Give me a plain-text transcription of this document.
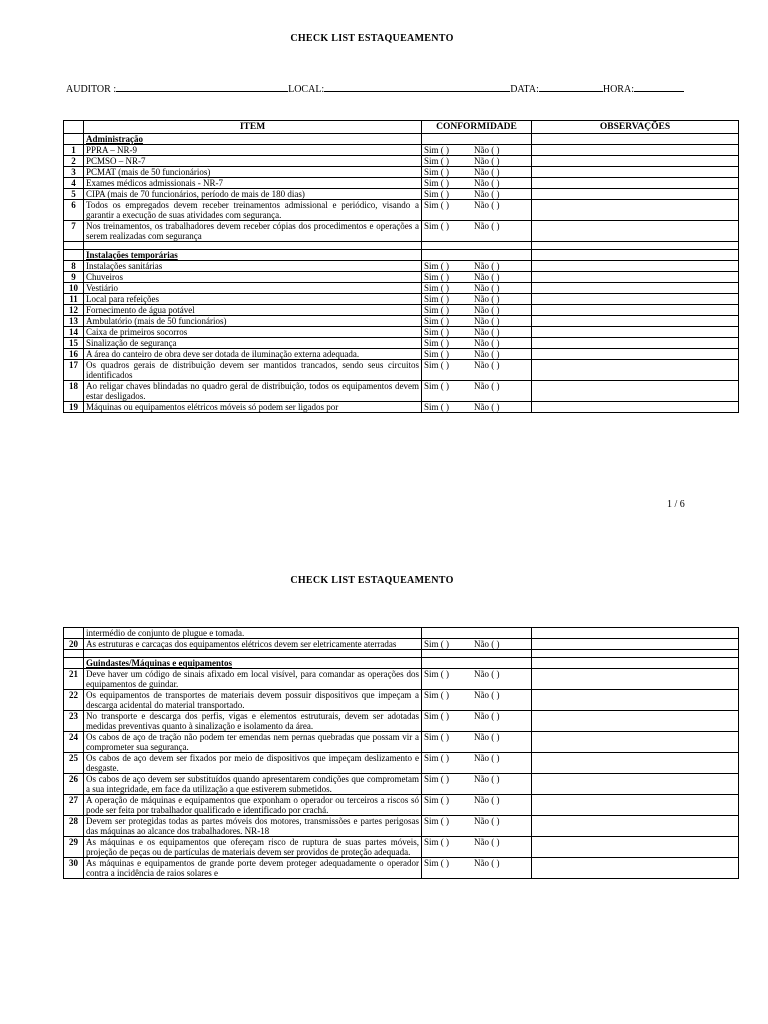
CHECK LIST ESTAQUEAMENTO
AUDITOR :	LOCAL:	DATA:	HORA:
	ITEM	CONFORMIDADE	OBSERVAÇÕES
	Administração		
1	PPRA – NR-9	Sim ( ) Não ( )	
2	PCMSO – NR-7	Sim ( ) Não ( )	
3	PCMAT (mais de 50 funcionários)	Sim ( ) Não ( )	
4	Exames médicos admissionais - NR-7	Sim ( ) Não ( )	
5	CIPA (mais de 70 funcionários, período de mais de 180 dias)	Sim ( ) Não ( )	
6	Todos os empregados devem receber treinamentos admissional e periódico, visando a garantir a execução de suas atividades com segurança.	Sim ( ) Não ( )	
7	Nos treinamentos, os trabalhadores devem receber cópias dos procedimentos e operações a serem realizadas com segurança	Sim ( ) Não ( )	

	Instalações temporárias		
8	Instalações sanitárias	Sim ( ) Não ( )	
9	Chuveiros	Sim ( ) Não ( )	
10	Vestiário	Sim ( ) Não ( )	
11	Local para refeições	Sim ( ) Não ( )	
12	Fornecimento de água potável	Sim ( ) Não ( )	
13	Ambulatório (mais de 50 funcionários)	Sim ( ) Não ( )	
14	Caixa de primeiros socorros	Sim ( ) Não ( )	
15	Sinalização de segurança	Sim ( ) Não ( )	
16	A área do canteiro de obra deve ser dotada de iluminação externa adequada.	Sim ( ) Não ( )	
17	Os quadros gerais de distribuição devem ser mantidos trancados, sendo seus circuitos identificados	Sim ( ) Não ( )	
18	Ao religar chaves blindadas no quadro geral de distribuição, todos os equipamentos devem estar desligados.	Sim ( ) Não ( )	
19	Máquinas ou equipamentos elétricos móveis só podem ser ligados por	Sim ( ) Não ( )	
1 / 6
CHECK LIST ESTAQUEAMENTO
	intermédio de conjunto de plugue e tomada.		
20	As estruturas e carcaças dos equipamentos elétricos devem ser eletricamente aterradas	Sim ( ) Não ( )	

	Guindastes/Máquinas e equipamentos		
21	Deve haver um código de sinais afixado em local visível, para comandar as operações dos equipamentos de guindar.	Sim ( ) Não ( )	
22	Os equipamentos de transportes de materiais devem possuir dispositivos que impeçam a descarga acidental do material transportado.	Sim ( ) Não ( )	
23	No transporte e descarga dos perfis, vigas e elementos estruturais, devem ser adotadas medidas preventivas quanto à sinalização e isolamento da área.	Sim ( ) Não ( )	
24	Os cabos de aço de tração não podem ter emendas nem pernas quebradas que possam vir a comprometer sua segurança.	Sim ( ) Não ( )	
25	Os cabos de aço devem ser fixados por meio de dispositivos que impeçam deslizamento e desgaste.	Sim ( ) Não ( )	
26	Os cabos de aço devem ser substituídos quando apresentarem condições que comprometam a sua integridade, em face da utilização a que estiverem submetidos.	Sim ( ) Não ( )	
27	A operação de máquinas e equipamentos que exponham o operador ou terceiros a riscos só pode ser feita por trabalhador qualificado e identificado por crachá.	Sim ( ) Não ( )	
28	Devem ser protegidas todas as partes móveis dos motores, transmissões e partes perigosas das máquinas ao alcance dos trabalhadores. NR-18	Sim ( ) Não ( )	
29	As máquinas e os equipamentos que ofereçam risco de ruptura de suas partes móveis, projeção de peças ou de partículas de materiais devem ser providos de proteção adequada.	Sim ( ) Não ( )	
30	As máquinas e equipamentos de grande porte devem proteger adequadamente o operador contra a incidência de raios solares e	Sim ( ) Não ( )	
